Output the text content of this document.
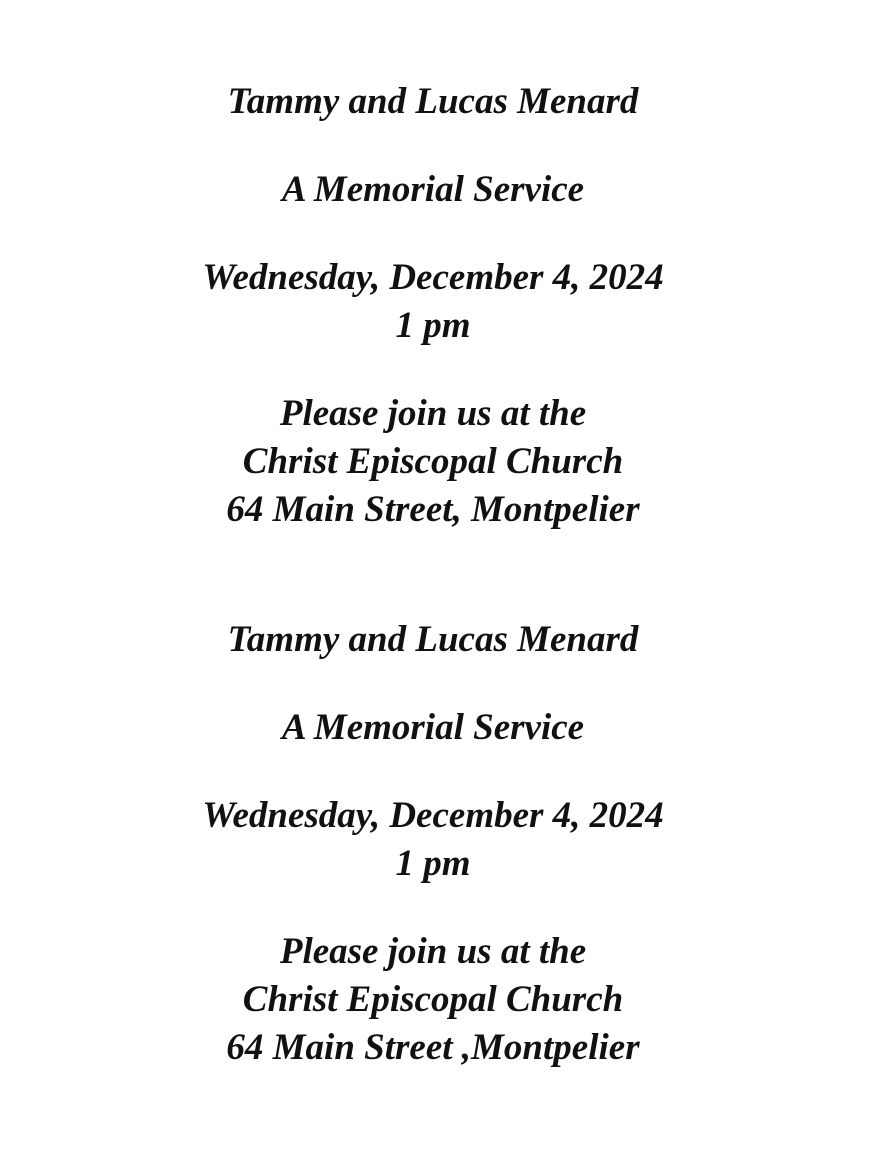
Tammy and Lucas Menard
A Memorial Service
Wednesday, December 4, 2024
1 pm
Please join us at the
Christ Episcopal Church
64 Main Street, Montpelier
Tammy and Lucas Menard
A Memorial Service
Wednesday, December 4, 2024
1 pm
Please join us at the
Christ Episcopal Church
64 Main Street ,Montpelier
